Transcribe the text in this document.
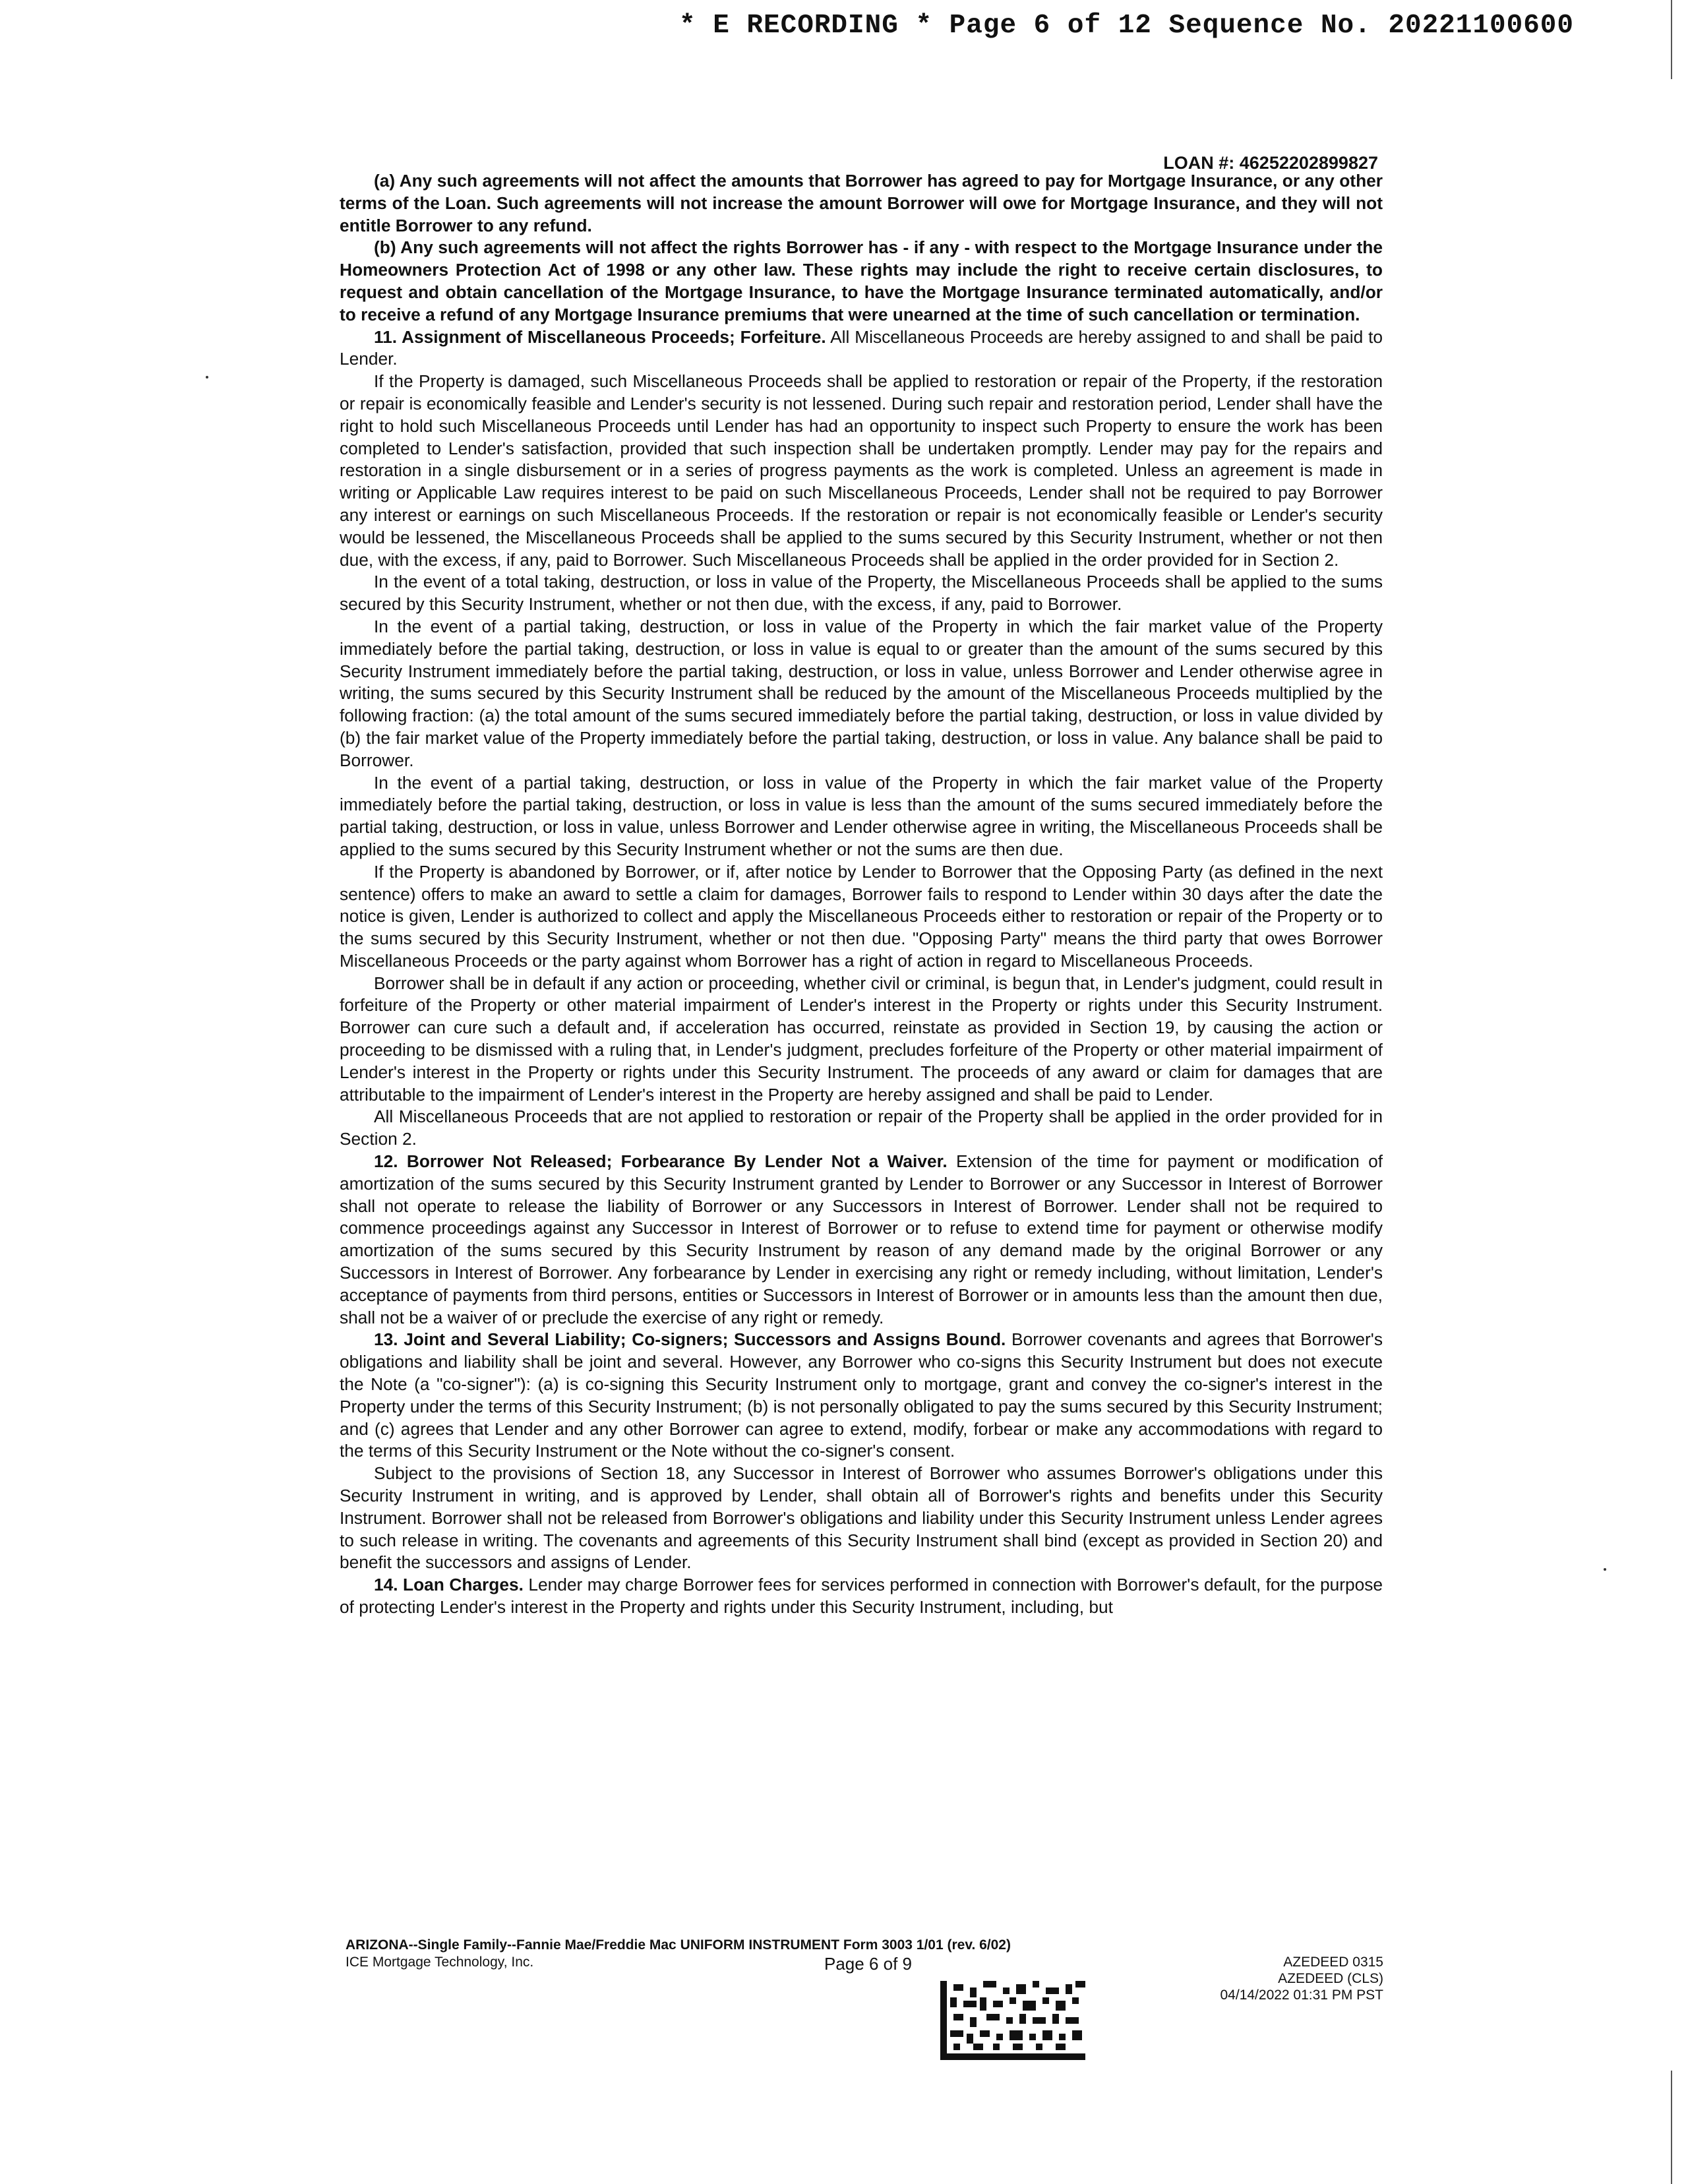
* E RECORDING * Page 6 of 12 Sequence No. 20221100600
LOAN #: 46252202899827

(a) Any such agreements will not affect the amounts that Borrower has agreed to pay for Mortgage Insurance, or any other terms of the Loan. Such agreements will not increase the amount Borrower will owe for Mortgage Insurance, and they will not entitle Borrower to any refund.

(b) Any such agreements will not affect the rights Borrower has - if any - with respect to the Mortgage Insurance under the Homeowners Protection Act of 1998 or any other law. These rights may include the right to receive certain disclosures, to request and obtain cancellation of the Mortgage Insurance, to have the Mortgage Insurance terminated automatically, and/or to receive a refund of any Mortgage Insurance premiums that were unearned at the time of such cancellation or termination.

11. Assignment of Miscellaneous Proceeds; Forfeiture. All Miscellaneous Proceeds are hereby assigned to and shall be paid to Lender.

If the Property is damaged, such Miscellaneous Proceeds shall be applied to restoration or repair of the Property, if the restoration or repair is economically feasible and Lender's security is not lessened. During such repair and restoration period, Lender shall have the right to hold such Miscellaneous Proceeds until Lender has had an opportunity to inspect such Property to ensure the work has been completed to Lender's satisfaction, provided that such inspection shall be undertaken promptly. Lender may pay for the repairs and restoration in a single disbursement or in a series of progress payments as the work is completed. Unless an agreement is made in writing or Applicable Law requires interest to be paid on such Miscellaneous Proceeds, Lender shall not be required to pay Borrower any interest or earnings on such Miscellaneous Proceeds. If the restoration or repair is not economically feasible or Lender's security would be lessened, the Miscellaneous Proceeds shall be applied to the sums secured by this Security Instrument, whether or not then due, with the excess, if any, paid to Borrower. Such Miscellaneous Proceeds shall be applied in the order provided for in Section 2.

In the event of a total taking, destruction, or loss in value of the Property, the Miscellaneous Proceeds shall be applied to the sums secured by this Security Instrument, whether or not then due, with the excess, if any, paid to Borrower.

In the event of a partial taking, destruction, or loss in value of the Property in which the fair market value of the Property immediately before the partial taking, destruction, or loss in value is equal to or greater than the amount of the sums secured by this Security Instrument immediately before the partial taking, destruction, or loss in value, unless Borrower and Lender otherwise agree in writing, the sums secured by this Security Instrument shall be reduced by the amount of the Miscellaneous Proceeds multiplied by the following fraction: (a) the total amount of the sums secured immediately before the partial taking, destruction, or loss in value divided by (b) the fair market value of the Property immediately before the partial taking, destruction, or loss in value. Any balance shall be paid to Borrower.

In the event of a partial taking, destruction, or loss in value of the Property in which the fair market value of the Property immediately before the partial taking, destruction, or loss in value is less than the amount of the sums secured immediately before the partial taking, destruction, or loss in value, unless Borrower and Lender otherwise agree in writing, the Miscellaneous Proceeds shall be applied to the sums secured by this Security Instrument whether or not the sums are then due.

If the Property is abandoned by Borrower, or if, after notice by Lender to Borrower that the Opposing Party (as defined in the next sentence) offers to make an award to settle a claim for damages, Borrower fails to respond to Lender within 30 days after the date the notice is given, Lender is authorized to collect and apply the Miscellaneous Proceeds either to restoration or repair of the Property or to the sums secured by this Security Instrument, whether or not then due. "Opposing Party" means the third party that owes Borrower Miscellaneous Proceeds or the party against whom Borrower has a right of action in regard to Miscellaneous Proceeds.

Borrower shall be in default if any action or proceeding, whether civil or criminal, is begun that, in Lender's judgment, could result in forfeiture of the Property or other material impairment of Lender's interest in the Property or rights under this Security Instrument. Borrower can cure such a default and, if acceleration has occurred, reinstate as provided in Section 19, by causing the action or proceeding to be dismissed with a ruling that, in Lender's judgment, precludes forfeiture of the Property or other material impairment of Lender's interest in the Property or rights under this Security Instrument. The proceeds of any award or claim for damages that are attributable to the impairment of Lender's interest in the Property are hereby assigned and shall be paid to Lender.

All Miscellaneous Proceeds that are not applied to restoration or repair of the Property shall be applied in the order provided for in Section 2.

12. Borrower Not Released; Forbearance By Lender Not a Waiver. Extension of the time for payment or modification of amortization of the sums secured by this Security Instrument granted by Lender to Borrower or any Successor in Interest of Borrower shall not operate to release the liability of Borrower or any Successors in Interest of Borrower. Lender shall not be required to commence proceedings against any Successor in Interest of Borrower or to refuse to extend time for payment or otherwise modify amortization of the sums secured by this Security Instrument by reason of any demand made by the original Borrower or any Successors in Interest of Borrower. Any forbearance by Lender in exercising any right or remedy including, without limitation, Lender's acceptance of payments from third persons, entities or Successors in Interest of Borrower or in amounts less than the amount then due, shall not be a waiver of or preclude the exercise of any right or remedy.

13. Joint and Several Liability; Co-signers; Successors and Assigns Bound. Borrower covenants and agrees that Borrower's obligations and liability shall be joint and several. However, any Borrower who co-signs this Security Instrument but does not execute the Note (a "co-signer"): (a) is co-signing this Security Instrument only to mortgage, grant and convey the co-signer's interest in the Property under the terms of this Security Instrument; (b) is not personally obligated to pay the sums secured by this Security Instrument; and (c) agrees that Lender and any other Borrower can agree to extend, modify, forbear or make any accommodations with regard to the terms of this Security Instrument or the Note without the co-signer's consent.

Subject to the provisions of Section 18, any Successor in Interest of Borrower who assumes Borrower's obligations under this Security Instrument in writing, and is approved by Lender, shall obtain all of Borrower's rights and benefits under this Security Instrument. Borrower shall not be released from Borrower's obligations and liability under this Security Instrument unless Lender agrees to such release in writing. The covenants and agreements of this Security Instrument shall bind (except as provided in Section 20) and benefit the successors and assigns of Lender.

14. Loan Charges. Lender may charge Borrower fees for services performed in connection with Borrower's default, for the purpose of protecting Lender's interest in the Property and rights under this Security Instrument, including, but

ARIZONA--Single Family--Fannie Mae/Freddie Mac UNIFORM INSTRUMENT Form 3003 1/01 (rev. 6/02)
ICE Mortgage Technology, Inc.	Page 6 of 9	AZEDEED 0315
AZEDEED (CLS)
04/14/2022 01:31 PM PST
